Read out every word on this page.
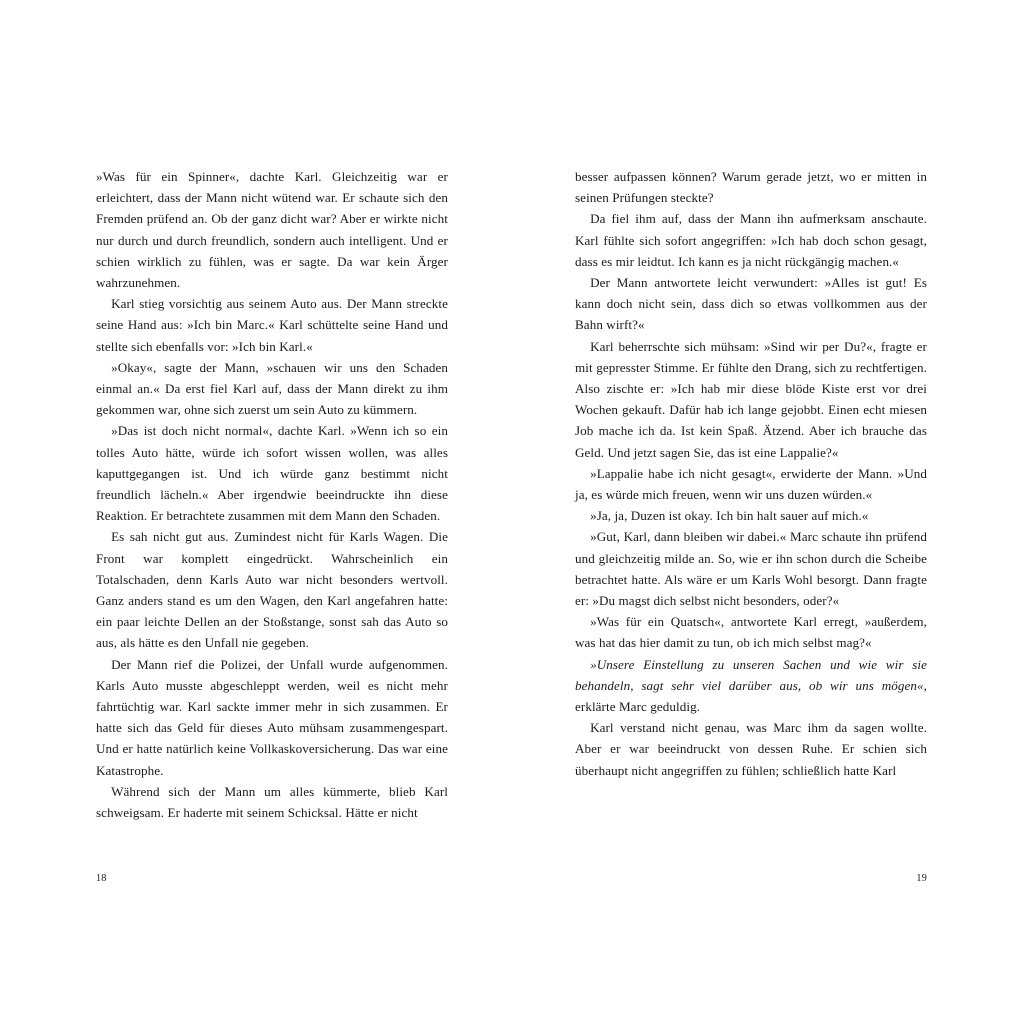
»Was für ein Spinner«, dachte Karl. Gleichzeitig war er erleichtert, dass der Mann nicht wütend war. Er schaute sich den Fremden prüfend an. Ob der ganz dicht war? Aber er wirkte nicht nur durch und durch freundlich, sondern auch intelligent. Und er schien wirklich zu fühlen, was er sagte. Da war kein Ärger wahrzunehmen.

Karl stieg vorsichtig aus seinem Auto aus. Der Mann streckte seine Hand aus: »Ich bin Marc.« Karl schüttelte seine Hand und stellte sich ebenfalls vor: »Ich bin Karl.«

»Okay«, sagte der Mann, »schauen wir uns den Schaden einmal an.« Da erst fiel Karl auf, dass der Mann direkt zu ihm gekommen war, ohne sich zuerst um sein Auto zu kümmern.

»Das ist doch nicht normal«, dachte Karl. »Wenn ich so ein tolles Auto hätte, würde ich sofort wissen wollen, was alles kaputtgegangen ist. Und ich würde ganz bestimmt nicht freundlich lächeln.« Aber irgendwie beeindruckte ihn diese Reaktion. Er betrachtete zusammen mit dem Mann den Schaden.

Es sah nicht gut aus. Zumindest nicht für Karls Wagen. Die Front war komplett eingedrückt. Wahrscheinlich ein Totalschaden, denn Karls Auto war nicht besonders wertvoll. Ganz anders stand es um den Wagen, den Karl angefahren hatte: ein paar leichte Dellen an der Stoßstange, sonst sah das Auto so aus, als hätte es den Unfall nie gegeben.

Der Mann rief die Polizei, der Unfall wurde aufgenommen. Karls Auto musste abgeschleppt werden, weil es nicht mehr fahrtüchtig war. Karl sackte immer mehr in sich zusammen. Er hatte sich das Geld für dieses Auto mühsam zusammengespart. Und er hatte natürlich keine Vollkaskoversicherung. Das war eine Katastrophe.

Während sich der Mann um alles kümmerte, blieb Karl schweigsam. Er haderte mit seinem Schicksal. Hätte er nicht

18

besser aufpassen können? Warum gerade jetzt, wo er mitten in seinen Prüfungen steckte?

Da fiel ihm auf, dass der Mann ihn aufmerksam anschaute. Karl fühlte sich sofort angegriffen: »Ich hab doch schon gesagt, dass es mir leidtut. Ich kann es ja nicht rückgängig machen.«

Der Mann antwortete leicht verwundert: »Alles ist gut! Es kann doch nicht sein, dass dich so etwas vollkommen aus der Bahn wirft?«

Karl beherrschte sich mühsam: »Sind wir per Du?«, fragte er mit gepresster Stimme. Er fühlte den Drang, sich zu rechtfertigen. Also zischte er: »Ich hab mir diese blöde Kiste erst vor drei Wochen gekauft. Dafür hab ich lange gejobbt. Einen echt miesen Job mache ich da. Ist kein Spaß. Ätzend. Aber ich brauche das Geld. Und jetzt sagen Sie, das ist eine Lappalie?«

»Lappalie habe ich nicht gesagt«, erwiderte der Mann. »Und ja, es würde mich freuen, wenn wir uns duzen würden.«

»Ja, ja, Duzen ist okay. Ich bin halt sauer auf mich.«

»Gut, Karl, dann bleiben wir dabei.« Marc schaute ihn prüfend und gleichzeitig milde an. So, wie er ihn schon durch die Scheibe betrachtet hatte. Als wäre er um Karls Wohl besorgt. Dann fragte er: »Du magst dich selbst nicht besonders, oder?«

»Was für ein Quatsch«, antwortete Karl erregt, »außerdem, was hat das hier damit zu tun, ob ich mich selbst mag?«

»Unsere Einstellung zu unseren Sachen und wie wir sie behandeln, sagt sehr viel darüber aus, ob wir uns mögen«, erklärte Marc geduldig.

Karl verstand nicht genau, was Marc ihm da sagen wollte. Aber er war beeindruckt von dessen Ruhe. Er schien sich überhaupt nicht angegriffen zu fühlen; schließlich hatte Karl

19
